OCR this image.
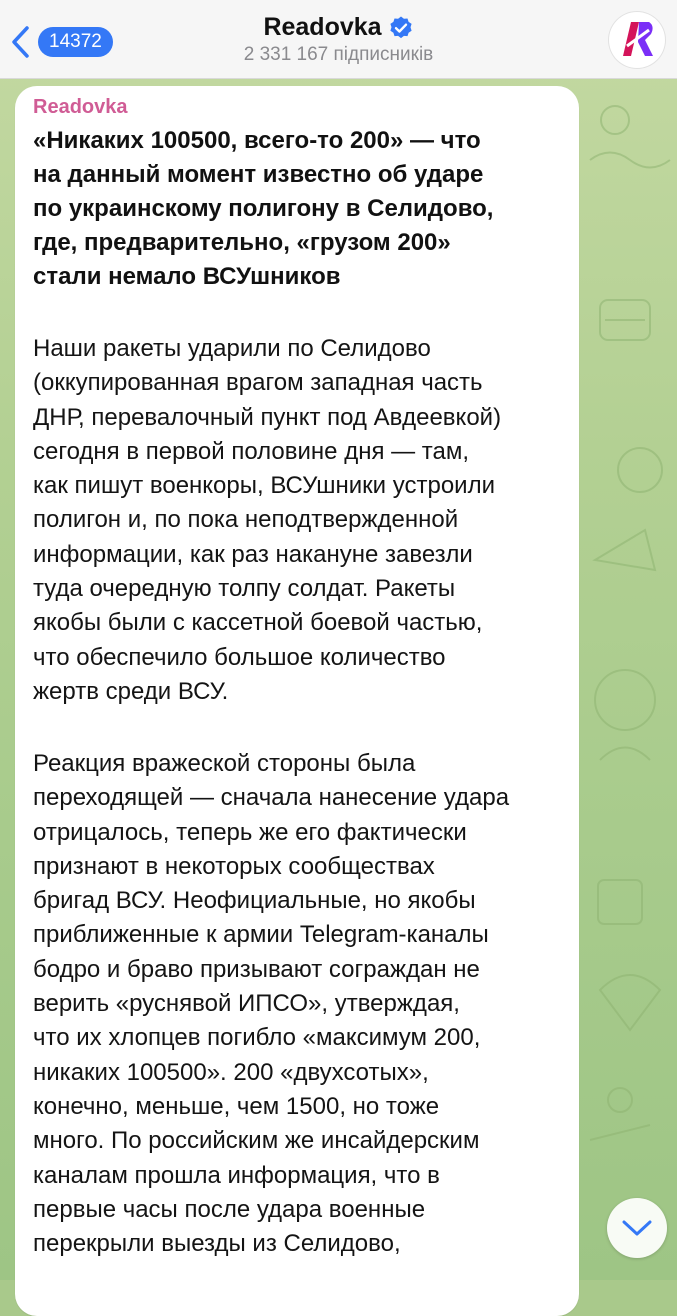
14372
Readovka
2 331 167 підписників
Readovka

«Никаких 100500, всего-то 200» — что
на данный момент известно об ударе
по украинскому полигону в Селидово,
где, предварительно, «грузом 200»
стали немало ВСУшников

Наши ракеты ударили по Селидово
(оккупированная врагом западная часть
ДНР, перевалочный пункт под Авдеевкой)
сегодня в первой половине дня — там,
как пишут военкоры, ВСУшники устроили
полигон и, по пока неподтвержденной
информации, как раз накануне завезли
туда очередную толпу солдат. Ракеты
якобы были с кассетной боевой частью,
что обеспечило большое количество
жертв среди ВСУ.

Реакция вражеской стороны была
переходящей — сначала нанесение удара
отрицалось, теперь же его фактически
признают в некоторых сообществах
бригад ВСУ. Неофициальные, но якобы
приближенные к армии Telegram-каналы
бодро и браво призывают сограждан не
верить «руснявой ИПСО», утверждая,
что их хлопцев погибло «максимум 200,
никаких 100500». 200 «двухсотых»,
конечно, меньше, чем 1500, но тоже
много. По российским же инсайдерским
каналам прошла информация, что в
первые часы после удара военные
перекрыли выезды из Селидово,
